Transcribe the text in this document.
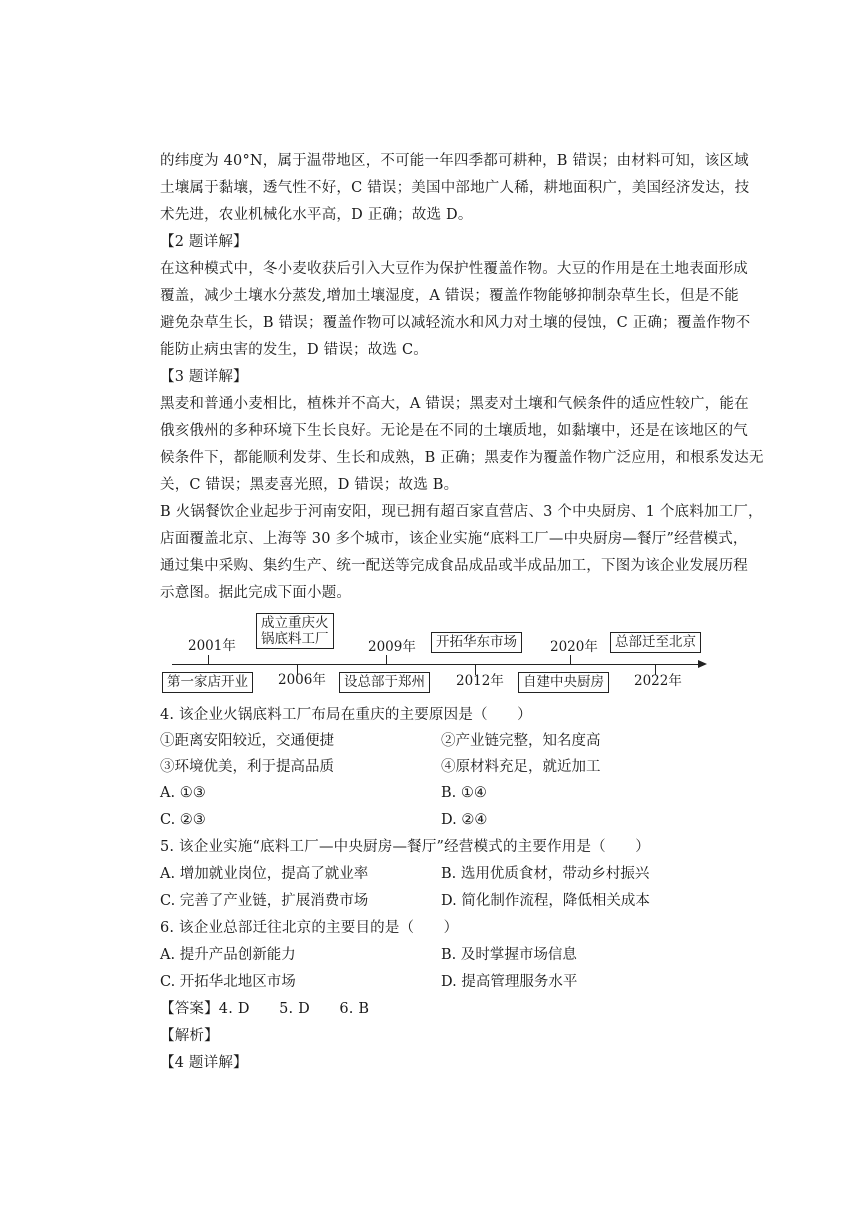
的纬度为 40°N，属于温带地区，不可能一年四季都可耕种，B 错误；由材料可知，该区域
土壤属于黏壤，透气性不好，C 错误；美国中部地广人稀，耕地面积广，美国经济发达，技
术先进，农业机械化水平高，D 正确；故选 D。
【2 题详解】
在这种模式中，冬小麦收获后引入大豆作为保护性覆盖作物。大豆的作用是在土地表面形成
覆盖，减少土壤水分蒸发,增加土壤湿度，A 错误；覆盖作物能够抑制杂草生长，但是不能
避免杂草生长，B 错误；覆盖作物可以减轻流水和风力对土壤的侵蚀，C 正确；覆盖作物不
能防止病虫害的发生，D 错误；故选 C。
【3 题详解】
黑麦和普通小麦相比，植株并不高大，A 错误；黑麦对土壤和气候条件的适应性较广，能在
俄亥俄州的多种环境下生长良好。无论是在不同的土壤质地，如黏壤中，还是在该地区的气
候条件下，都能顺利发芽、生长和成熟，B 正确；黑麦作为覆盖作物广泛应用，和根系发达无
关，C 错误；黑麦喜光照，D 错误；故选 B。
B 火锅餐饮企业起步于河南安阳，现已拥有超百家直营店、3 个中央厨房、1 个底料加工厂，
店面覆盖北京、上海等 30 多个城市，该企业实施“底料工厂—中央厨房—餐厅”经营模式，
通过集中采购、集约生产、统一配送等完成食品成品或半成品加工，下图为该企业发展历程
示意图。据此完成下面小题。
2001年
2006年
2009年
2012年
2020年
2022年
第一家店开业
成立重庆火
锅底料工厂
设总部于郑州
开拓华东市场
自建中央厨房
总部迁至北京
4. 该企业火锅底料工厂布局在重庆的主要原因是（　　）
①距离安阳较近，交通便捷	②产业链完整，知名度高
③环境优美，利于提高品质	④原材料充足，就近加工
A. ①③	B. ①④
C. ②③	D. ②④
5. 该企业实施“底料工厂—中央厨房—餐厅”经营模式的主要作用是（　　）
A. 增加就业岗位，提高了就业率	B. 选用优质食材，带动乡村振兴
C. 完善了产业链，扩展消费市场	D. 简化制作流程，降低相关成本
6. 该企业总部迁往北京的主要目的是（　　）
A. 提升产品创新能力	B. 及时掌握市场信息
C. 开拓华北地区市场	D. 提高管理服务水平
【答案】4. D　　5. D　　6. B
【解析】
【4 题详解】
